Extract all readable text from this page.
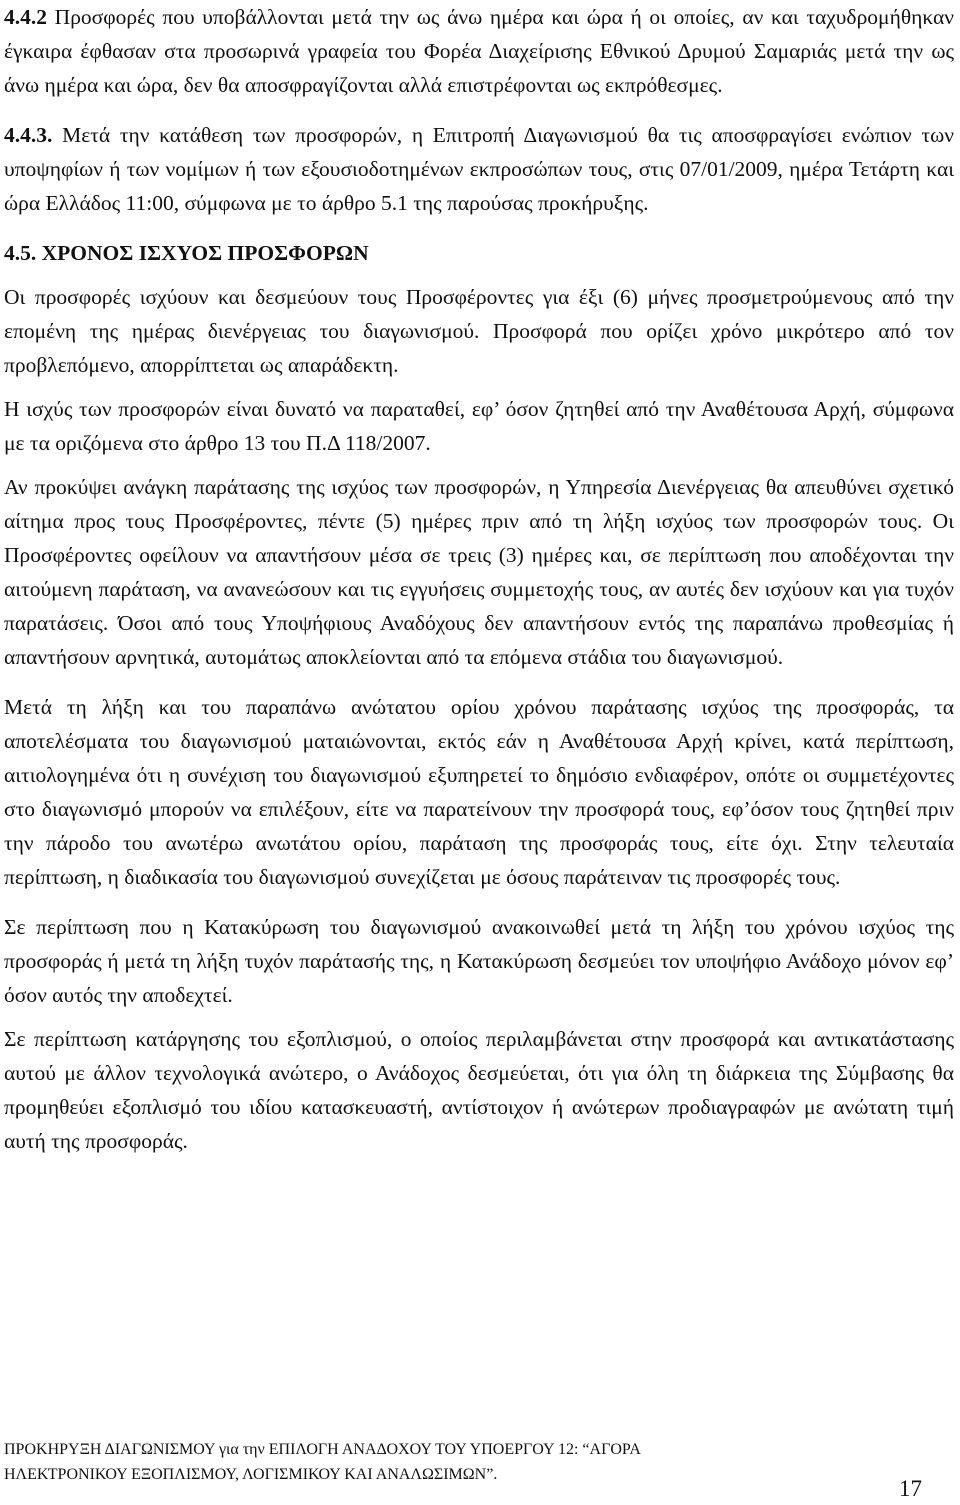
4.4.2 Προσφορές που υποβάλλονται μετά την ως άνω ημέρα και ώρα ή οι οποίες, αν και ταχυδρομήθηκαν έγκαιρα έφθασαν στα προσωρινά γραφεία του Φορέα Διαχείρισης Εθνικού Δρυμού Σαμαριάς μετά την ως άνω ημέρα και ώρα, δεν θα αποσφραγίζονται αλλά επιστρέφονται ως εκπρόθεσμες.

4.4.3. Μετά την κατάθεση των προσφορών, η Επιτροπή Διαγωνισμού θα τις αποσφραγίσει ενώπιον των υποψηφίων ή των νομίμων ή των εξουσιοδοτημένων εκπροσώπων τους, στις 07/01/2009, ημέρα Τετάρτη και ώρα Ελλάδος 11:00, σύμφωνα με το άρθρο 5.1 της παρούσας προκήρυξης.

4.5. ΧΡΟΝΟΣ ΙΣΧΥΟΣ ΠΡΟΣΦΟΡΩΝ

Οι προσφορές ισχύουν και δεσμεύουν τους Προσφέροντες για έξι (6) μήνες προσμετρούμενους από την επομένη της ημέρας διενέργειας του διαγωνισμού. Προσφορά που ορίζει χρόνο μικρότερο από τον προβλεπόμενο, απορρίπτεται ως απαράδεκτη.

Η ισχύς των προσφορών είναι δυνατό να παραταθεί, εφ’ όσον ζητηθεί από την Αναθέτουσα Αρχή, σύμφωνα με τα οριζόμενα στο άρθρο 13 του Π.Δ 118/2007.

Αν προκύψει ανάγκη παράτασης της ισχύος των προσφορών, η Υπηρεσία Διενέργειας θα απευθύνει σχετικό αίτημα προς τους Προσφέροντες, πέντε (5) ημέρες πριν από τη λήξη ισχύος των προσφορών τους. Οι Προσφέροντες οφείλουν να απαντήσουν μέσα σε τρεις (3) ημέρες και, σε περίπτωση που αποδέχονται την αιτούμενη παράταση, να ανανεώσουν και τις εγγυήσεις συμμετοχής τους, αν αυτές δεν ισχύουν και για τυχόν παρατάσεις. Όσοι από τους Υποψήφιους Αναδόχους δεν απαντήσουν εντός της παραπάνω προθεσμίας ή απαντήσουν αρνητικά, αυτομάτως αποκλείονται από τα επόμενα στάδια του διαγωνισμού.

Μετά τη λήξη και του παραπάνω ανώτατου ορίου χρόνου παράτασης ισχύος της προσφοράς, τα αποτελέσματα του διαγωνισμού ματαιώνονται, εκτός εάν η Αναθέτουσα Αρχή κρίνει, κατά περίπτωση, αιτιολογημένα ότι η συνέχιση του διαγωνισμού εξυπηρετεί το δημόσιο ενδιαφέρον, οπότε οι συμμετέχοντες στο διαγωνισμό μπορούν να επιλέξουν, είτε να παρατείνουν την προσφορά τους, εφ’όσον τους ζητηθεί πριν την πάροδο του ανωτέρω ανωτάτου ορίου, παράταση της προσφοράς τους, είτε όχι. Στην τελευταία περίπτωση, η διαδικασία του διαγωνισμού συνεχίζεται με όσους παράτειναν τις προσφορές τους.

Σε περίπτωση που η Κατακύρωση του διαγωνισμού ανακοινωθεί μετά τη λήξη του χρόνου ισχύος της προσφοράς ή μετά τη λήξη τυχόν παράτασής της, η Κατακύρωση δεσμεύει τον υποψήφιο Ανάδοχο μόνον εφ’ όσον αυτός την αποδεχτεί.

Σε περίπτωση κατάργησης του εξοπλισμού, ο οποίος περιλαμβάνεται στην προσφορά και αντικατάστασης αυτού με άλλον τεχνολογικά ανώτερο, ο Ανάδοχος δεσμεύεται, ότι για όλη τη διάρκεια της Σύμβασης θα προμηθεύει εξοπλισμό του ιδίου κατασκευαστή, αντίστοιχον ή ανώτερων προδιαγραφών με ανώτατη τιμή αυτή της προσφοράς.

ΠΡΟΚΗΡΥΞΗ ΔΙΑΓΩΝΙΣΜΟΥ για την ΕΠΙΛΟΓΗ ΑΝΑΔΟΧΟΥ ΤΟΥ ΥΠΟΕΡΓΟΥ 12: “ΑΓΟΡΑ
ΗΛΕΚΤΡΟΝΙΚΟΥ ΕΞΟΠΛΙΣΜΟΥ, ΛΟΓΙΣΜΙΚΟΥ ΚΑΙ ΑΝΑΛΩΣΙΜΩΝ”.
17
